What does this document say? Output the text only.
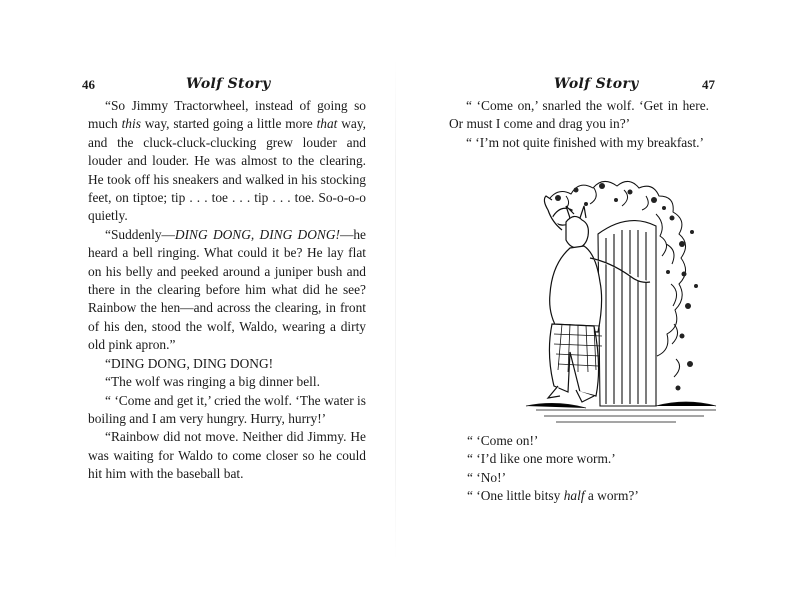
46	Wolf Story

“So Jimmy Tractorwheel, instead of going so much this way, started going a little more that way, and the cluck-cluck-clucking grew louder and louder and louder. He was almost to the clearing. He took off his sneakers and walked in his stocking feet, on tiptoe; tip . . . toe . . . tip . . . toe. So-o-o-o quietly.

“Suddenly—DING DONG, DING DONG!—he heard a bell ringing. What could it be? He lay flat on his belly and peeked around a juniper bush and there in the clearing before him what did he see? Rainbow the hen—and across the clearing, in front of his den, stood the wolf, Waldo, wearing a dirty old pink apron.”

“DING DONG, DING DONG!

“The wolf was ringing a big dinner bell.

“ ‘Come and get it,’ cried the wolf. ‘The water is boiling and I am very hungry. Hurry, hurry!’

“Rainbow did not move. Neither did Jimmy. He was waiting for Waldo to come closer so he could hit him with the baseball bat.

Wolf Story	47

“ ‘Come on,’ snarled the wolf. ‘Get in here. Or must I come and drag you in?’

“ ‘I’m not quite finished with my breakfast.’

“ ‘Come on!’

“ ‘I’d like one more worm.’

“ ‘No!’

“ ‘One little bitsy half a worm?’
